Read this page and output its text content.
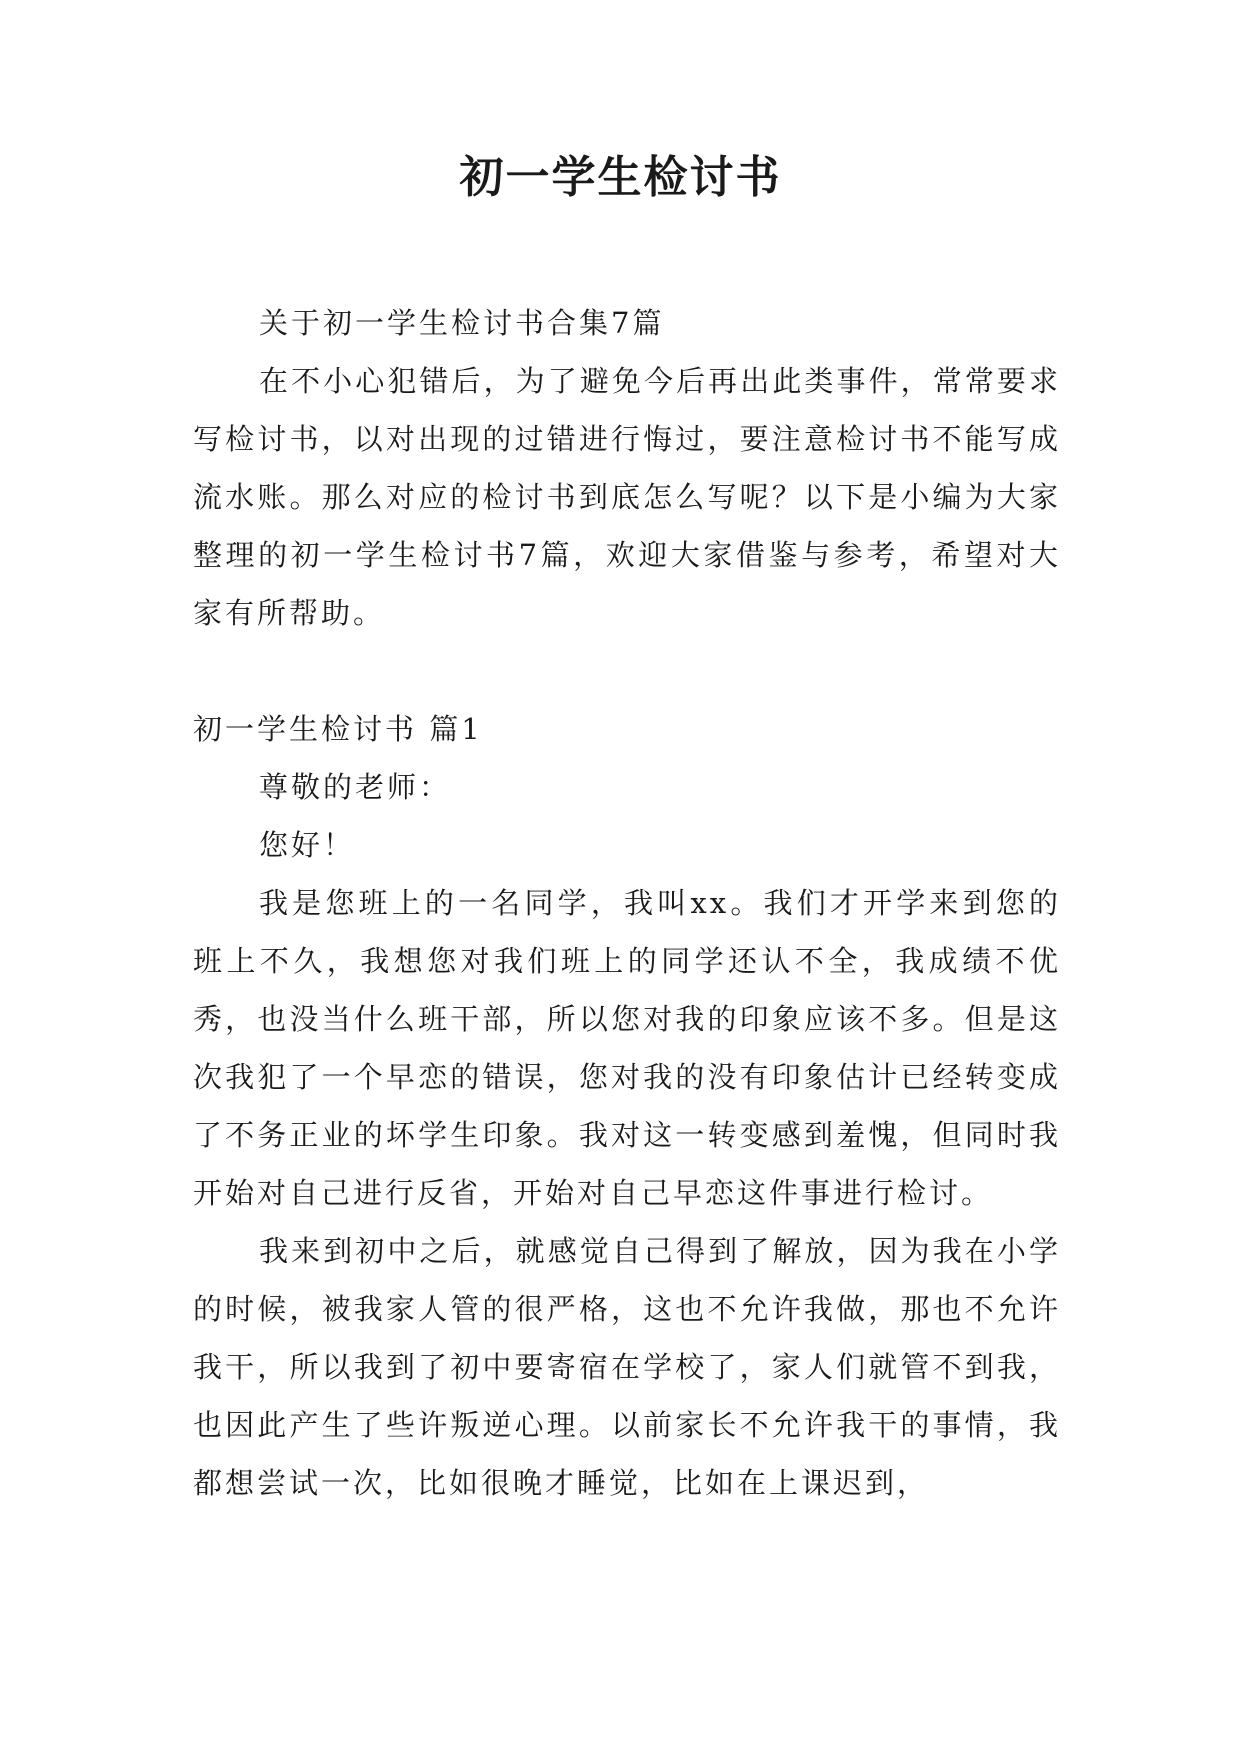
初一学生检讨书

关于初一学生检讨书合集7篇

在不小心犯错后，为了避免今后再出此类事件，常常要求写检讨书，以对出现的过错进行悔过，要注意检讨书不能写成流水账。那么对应的检讨书到底怎么写呢？以下是小编为大家整理的初一学生检讨书7篇，欢迎大家借鉴与参考，希望对大家有所帮助。

初一学生检讨书 篇1

尊敬的老师：

您好！

我是您班上的一名同学，我叫xx。我们才开学来到您的班上不久，我想您对我们班上的同学还认不全，我成绩不优秀，也没当什么班干部，所以您对我的印象应该不多。但是这次我犯了一个早恋的错误，您对我的没有印象估计已经转变成了不务正业的坏学生印象。我对这一转变感到羞愧，但同时我开始对自己进行反省，开始对自己早恋这件事进行检讨。

我来到初中之后，就感觉自己得到了解放，因为我在小学的时候，被我家人管的很严格，这也不允许我做，那也不允许我干，所以我到了初中要寄宿在学校了，家人们就管不到我，也因此产生了些许叛逆心理。以前家长不允许我干的事情，我都想尝试一次，比如很晚才睡觉，比如在上课迟到，
